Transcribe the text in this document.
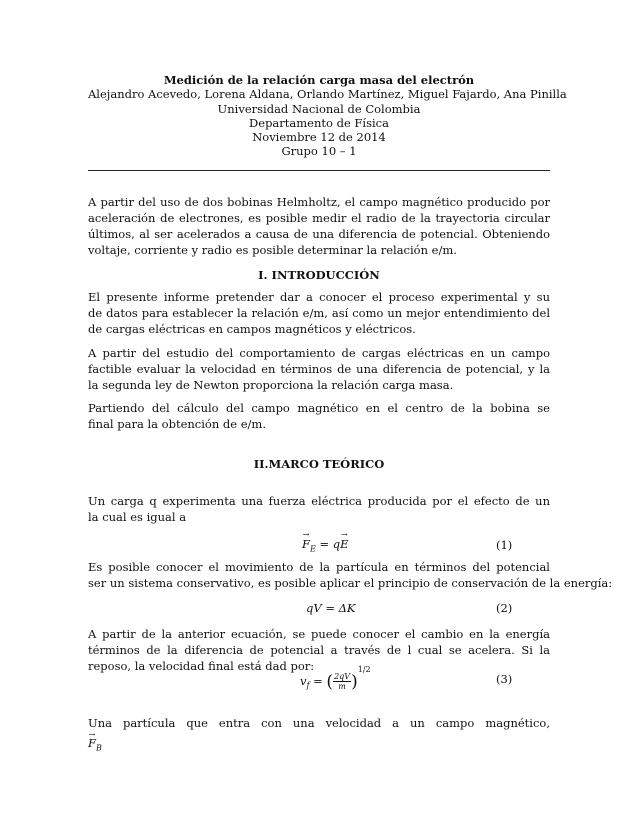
Medición de la relación carga masa del electrón
Alejandro Acevedo, Lorena Aldana, Orlando Martínez, Miguel Fajardo, Ana Pinilla
Universidad Nacional de Colombia
Departamento de Física
Noviembre 12 de 2014
Grupo 10 – 1
A partir del uso de dos bobinas Helmholtz, el campo magnético producido por
aceleración de electrones, es posible medir el radio de la trayectoria circular
últimos, al ser acelerados a causa de una diferencia de potencial. Obteniendo
voltaje, corriente y radio es posible determinar la relación e/m.
I. INTRODUCCIÓN
El presente informe pretender dar a conocer el proceso experimental y su
de datos para establecer la relación e/m, así como un mejor entendimiento del
de cargas eléctricas en campos magnéticos y eléctricos.
A partir del estudio del comportamiento de cargas eléctricas en un campo
factible evaluar la velocidad en términos de una diferencia de potencial, y la
la segunda ley de Newton proporciona la relación carga masa.
Partiendo del cálculo del campo magnético en el centro de la bobina se
final para la obtención de e/m.
II.MARCO TEÓRICO
Un carga q experimenta una fuerza eléctrica producida por el efecto de un
la cual es igual a
→ $F_E = q\to E$	(1)
Es posible conocer el movimiento de la partícula en términos del potencial
ser un sistema conservativo, es posible aplicar el principio de conservación de la energía:
qV = ΔK	(2)
A partir de la anterior ecuación, se puede conocer el cambio en la energía
términos de la diferencia de potencial a través de l cual se acelera. Si la
reposo, la velocidad final está dad por:
$v_f$ = ( $\frac{2qV}{m} )^{1/2}$
(3)
Una partícula que entra con una velocidad a un campo magnético,
→ $F_B$
